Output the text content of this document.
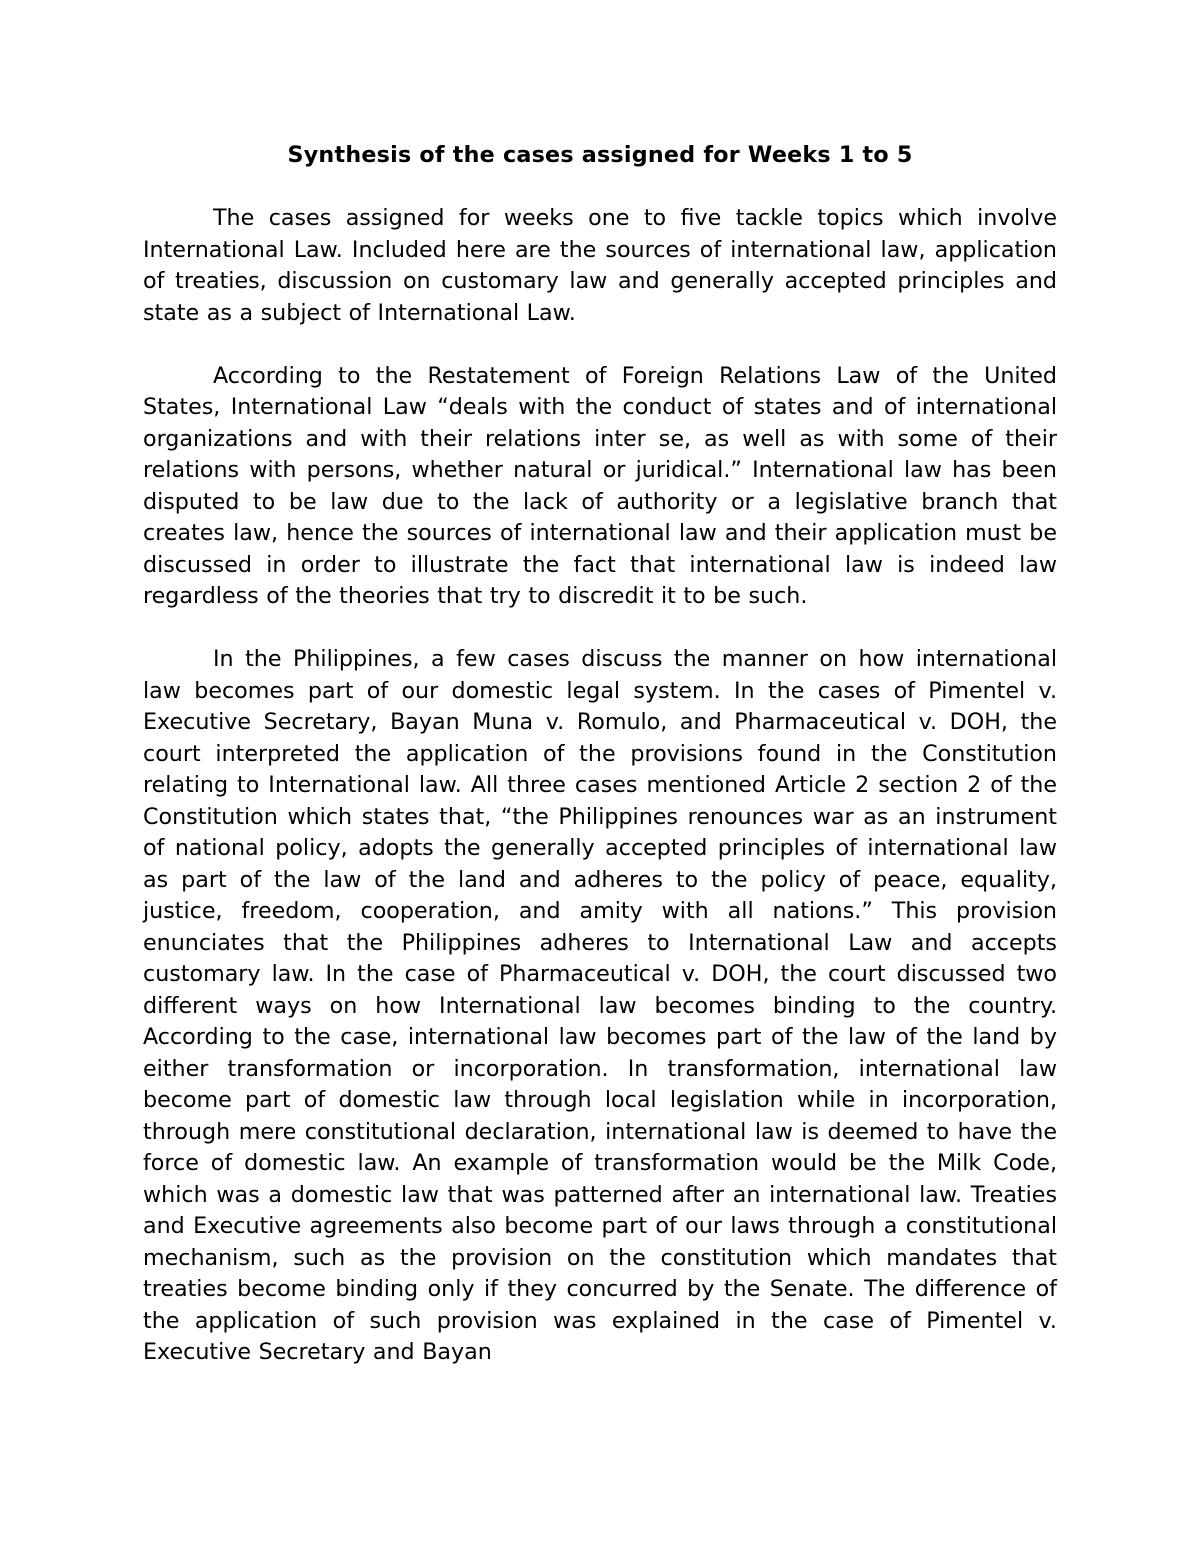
Synthesis of the cases assigned for Weeks 1 to 5

The cases assigned for weeks one to five tackle topics which involve International Law. Included here are the sources of international law, application of treaties, discussion on customary law and generally accepted principles and state as a subject of International Law.

According to the Restatement of Foreign Relations Law of the United States, International Law “deals with the conduct of states and of international organizations and with their relations inter se, as well as with some of their relations with persons, whether natural or juridical.” International law has been disputed to be law due to the lack of authority or a legislative branch that creates law, hence the sources of international law and their application must be discussed in order to illustrate the fact that international law is indeed law regardless of the theories that try to discredit it to be such.

In the Philippines, a few cases discuss the manner on how international law becomes part of our domestic legal system. In the cases of Pimentel v. Executive Secretary, Bayan Muna v. Romulo, and Pharmaceutical v. DOH, the court interpreted the application of the provisions found in the Constitution relating to International law. All three cases mentioned Article 2 section 2 of the Constitution which states that, “the Philippines renounces war as an instrument of national policy, adopts the generally accepted principles of international law as part of the law of the land and adheres to the policy of peace, equality, justice, freedom, cooperation, and amity with all nations.” This provision enunciates that the Philippines adheres to International Law and accepts customary law. In the case of Pharmaceutical v. DOH, the court discussed two different ways on how International law becomes binding to the country. According to the case, international law becomes part of the law of the land by either transformation or incorporation. In transformation, international law become part of domestic law through local legislation while in incorporation, through mere constitutional declaration, international law is deemed to have the force of domestic law. An example of transformation would be the Milk Code, which was a domestic law that was patterned after an international law. Treaties and Executive agreements also become part of our laws through a constitutional mechanism, such as the provision on the constitution which mandates that treaties become binding only if they concurred by the Senate. The difference of the application of such provision was explained in the case of Pimentel v. Executive Secretary and Bayan
